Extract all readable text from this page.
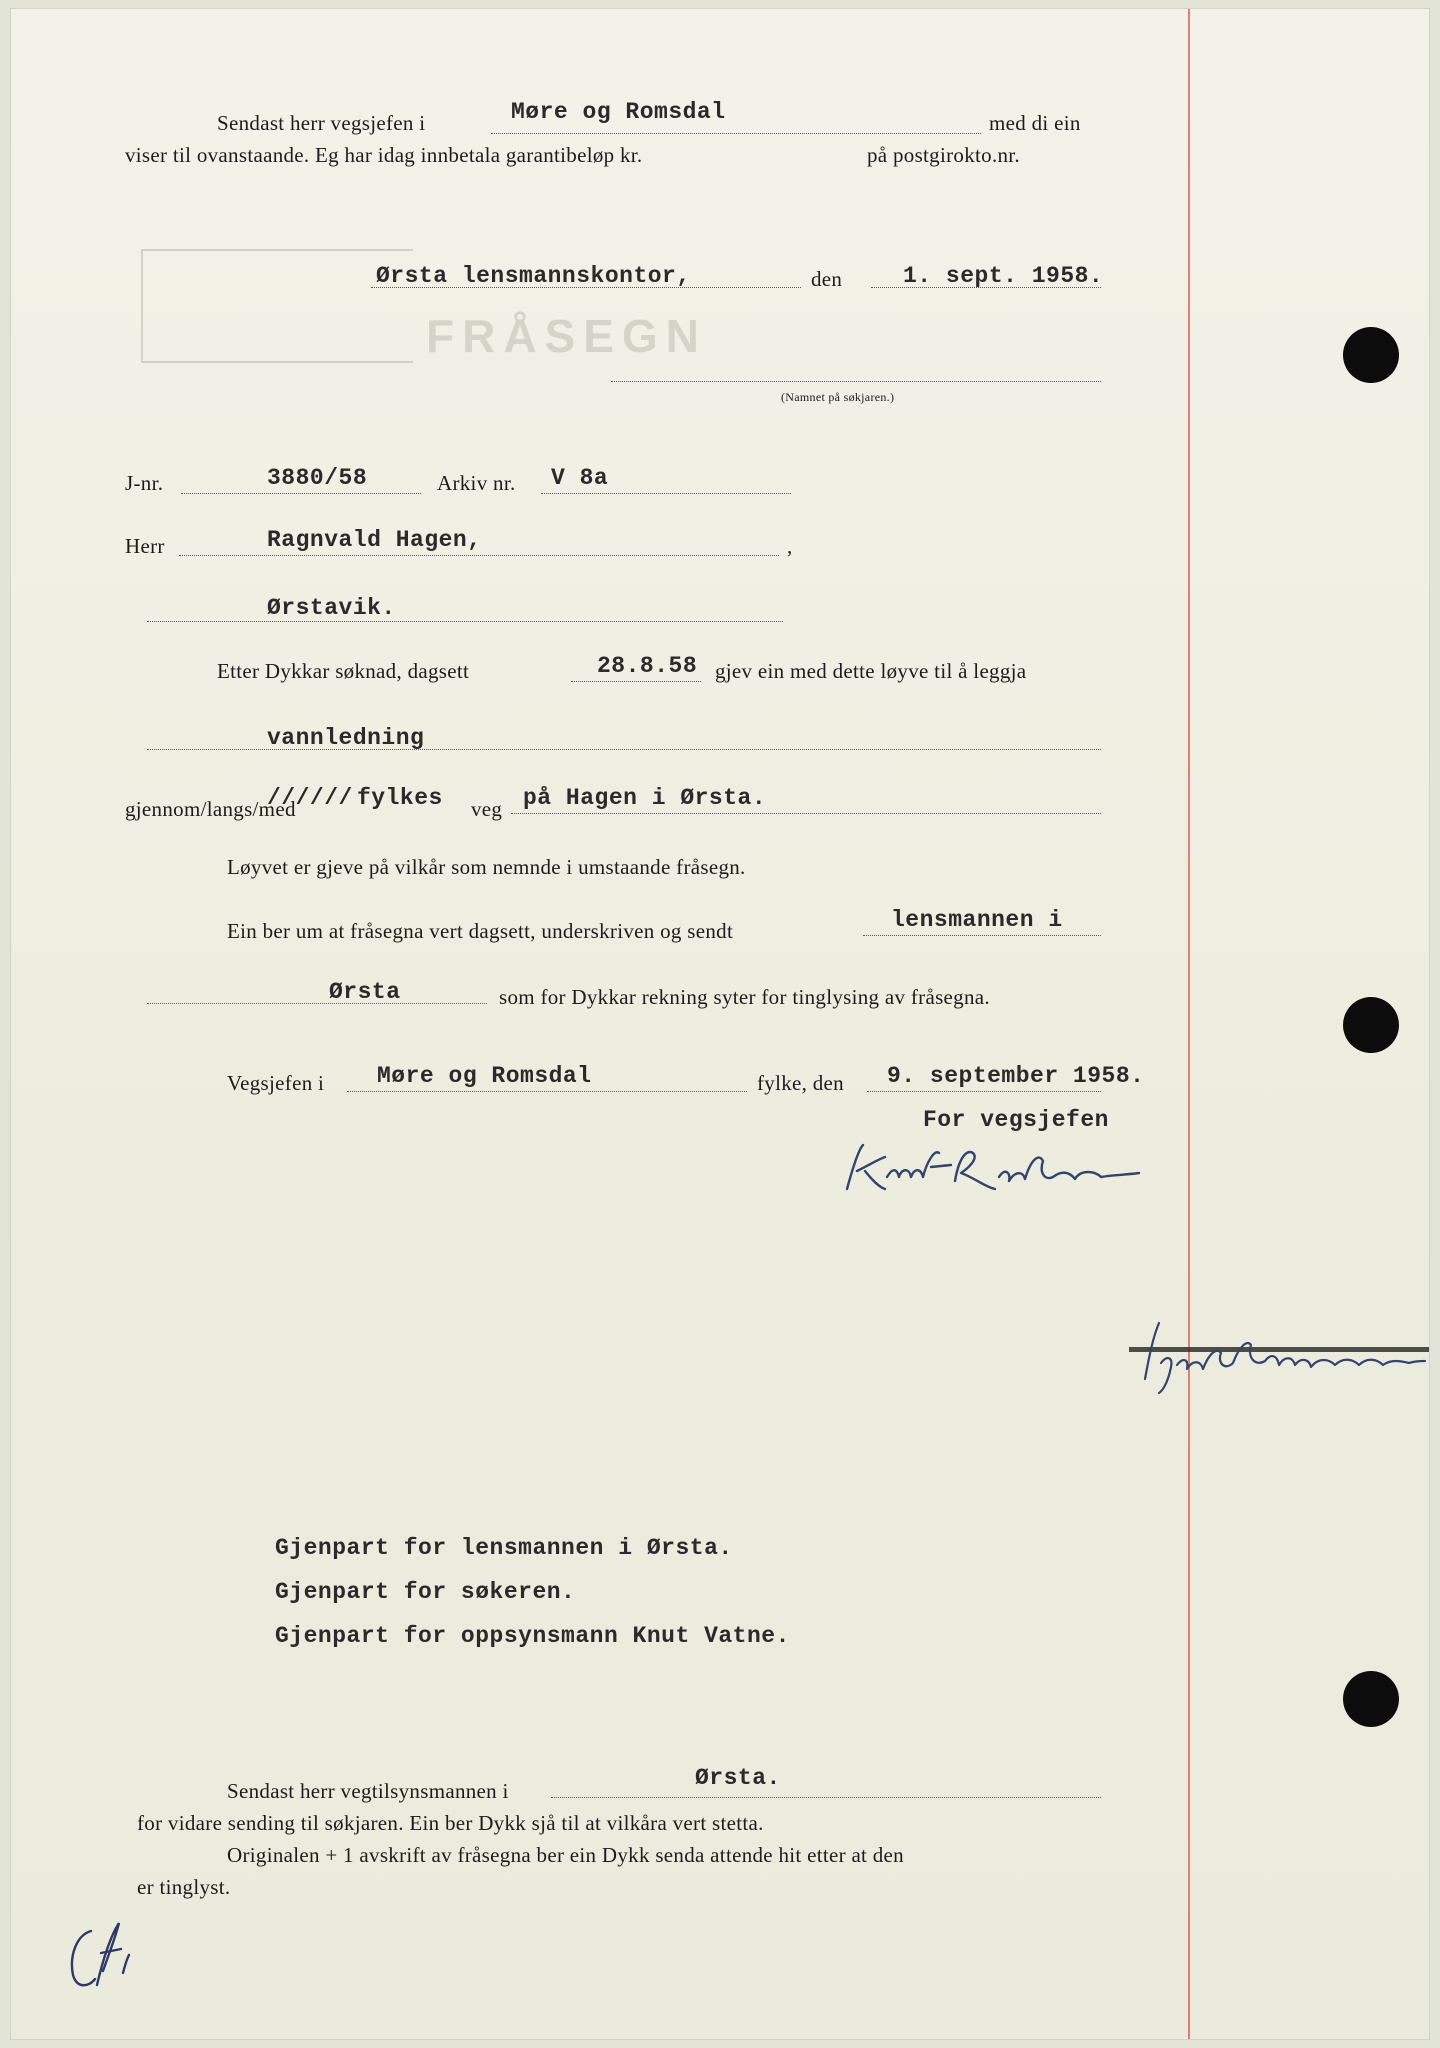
FRÅSEGN
Sendast herr vegsjefen i	Møre og Romsdal	med di ein
viser til ovanstaande. Eg har idag innbetala garantibeløp kr.	på postgirokto.nr.
Ørsta lensmannskontor,	den	1. sept. 1958.
(Namnet på søkjaren.)
J-nr.	3880/58	Arkiv nr. V 8a
Herr	Ragnvald Hagen,	,
Ørstavik.
Etter Dykkar søknad, dagsett	28.8.58 gjev ein med dette løyve til å leggja
vannledning
gjennom/langs/med
////// fylkes veg på Hagen i Ørsta.
Løyvet er gjeve på vilkår som nemnde i umstaande fråsegn.
Ein ber um at fråsegna vert dagsett, underskriven og sendt	lensmannen i
Ørsta	som for Dykkar rekning syter for tinglysing av fråsegna.
Vegsjefen i Møre og Romsdal	fylke, den 9. september 1958.
For vegsjefen
Gjenpart for lensmannen i Ørsta.
Gjenpart for søkeren.
Gjenpart for oppsynsmann Knut Vatne.
Sendast herr vegtilsynsmannen i	Ørsta.
for vidare sending til søkjaren. Ein ber Dykk sjå til at vilkåra vert stetta.
Originalen + 1 avskrift av fråsegna ber ein Dykk senda attende hit etter at den
er tinglyst.
